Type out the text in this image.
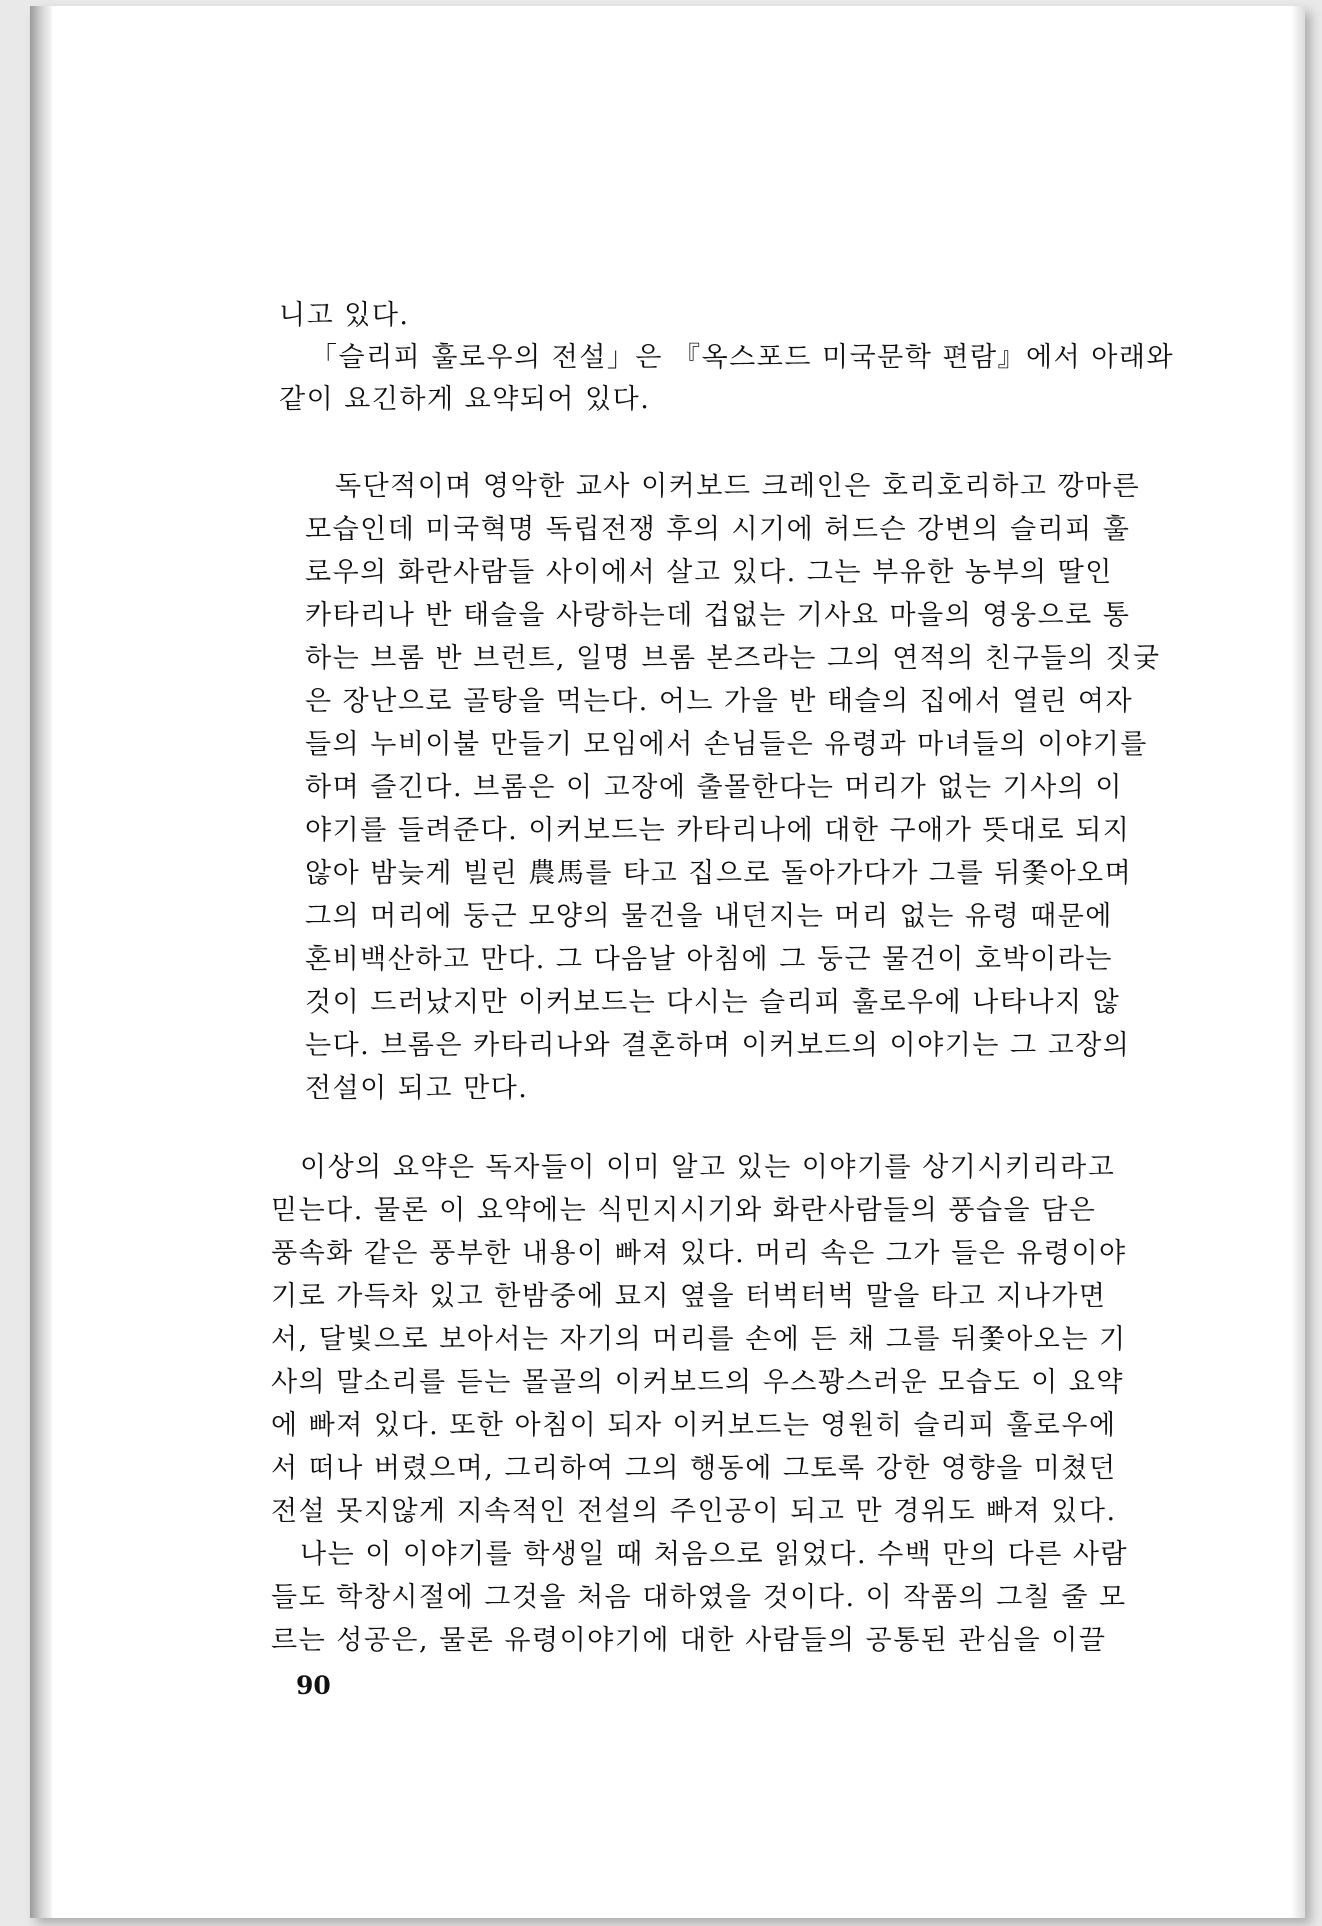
니고 있다.
「슬리피 훌로우의 전설」은 『옥스포드 미국문학 편람』에서 아래와
같이 요긴하게 요약되어 있다.
독단적이며 영악한 교사 이커보드 크레인은 호리호리하고 깡마른
모습인데 미국혁명 독립전쟁 후의 시기에 허드슨 강변의 슬리피 훌
로우의 화란사람들 사이에서 살고 있다. 그는 부유한 농부의 딸인
카타리나 반 태슬을 사랑하는데 겁없는 기사요 마을의 영웅으로 통
하는 브롬 반 브런트, 일명 브롬 본즈라는 그의 연적의 친구들의 짓궂
은 장난으로 골탕을 먹는다. 어느 가을 반 태슬의 집에서 열린 여자
들의 누비이불 만들기 모임에서 손님들은 유령과 마녀들의 이야기를
하며 즐긴다. 브롬은 이 고장에 출몰한다는 머리가 없는 기사의 이
야기를 들려준다. 이커보드는 카타리나에 대한 구애가 뜻대로 되지
않아 밤늦게 빌린 農馬를 타고 집으로 돌아가다가 그를 뒤쫓아오며
그의 머리에 둥근 모양의 물건을 내던지는 머리 없는 유령 때문에
혼비백산하고 만다. 그 다음날 아침에 그 둥근 물건이 호박이라는
것이 드러났지만 이커보드는 다시는 슬리피 훌로우에 나타나지 않
는다. 브롬은 카타리나와 결혼하며 이커보드의 이야기는 그 고장의
전설이 되고 만다.
이상의 요약은 독자들이 이미 알고 있는 이야기를 상기시키리라고
믿는다. 물론 이 요약에는 식민지시기와 화란사람들의 풍습을 담은
풍속화 같은 풍부한 내용이 빠져 있다. 머리 속은 그가 들은 유령이야
기로 가득차 있고 한밤중에 묘지 옆을 터벅터벅 말을 타고 지나가면
서, 달빛으로 보아서는 자기의 머리를 손에 든 채 그를 뒤쫓아오는 기
사의 말소리를 듣는 몰골의 이커보드의 우스꽝스러운 모습도 이 요약
에 빠져 있다. 또한 아침이 되자 이커보드는 영원히 슬리피 훌로우에
서 떠나 버렸으며, 그리하여 그의 행동에 그토록 강한 영향을 미쳤던
전설 못지않게 지속적인 전설의 주인공이 되고 만 경위도 빠져 있다.
나는 이 이야기를 학생일 때 처음으로 읽었다. 수백 만의 다른 사람
들도 학창시절에 그것을 처음 대하였을 것이다. 이 작품의 그칠 줄 모
르는 성공은, 물론 유령이야기에 대한 사람들의 공통된 관심을 이끌
90
